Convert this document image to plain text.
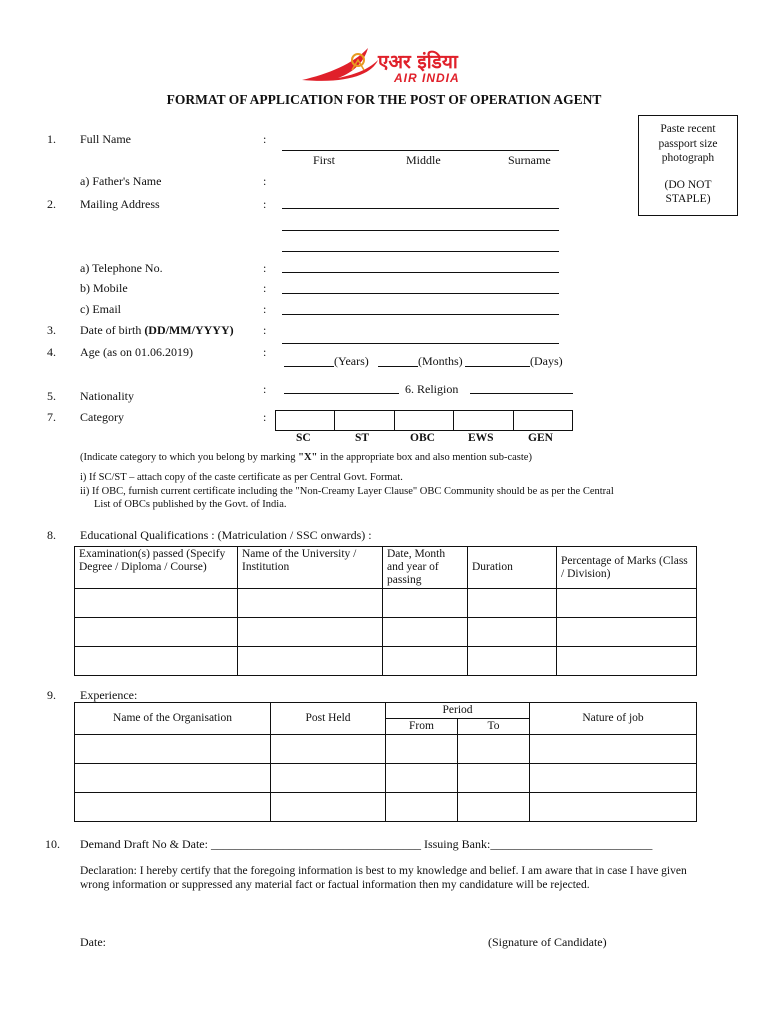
एअर इंडिया
AIR INDIA
FORMAT OF APPLICATION FOR THE POST OF OPERATION AGENT
Paste recent
passport size
photograph
(DO NOT
STAPLE)
1. Full Name	:
First	Middle	Surname
a) Father's Name	:
2. Mailing Address	:
a) Telephone No.	:
b) Mobile	:
c) Email	:
3. Date of birth (DD/MM/YYYY) :
4. Age (as on 01.06.2019)	:
(Years)	(Months)	(Days)
:	6. Religion
5. Nationality
7. Category	:
SC	ST	OBC	EWS	GEN
(Indicate category to which you belong by marking "X" in the appropriate box and also mention sub-caste)
i) If SC/ST – attach copy of the caste certificate as per Central Govt. Format.
ii) If OBC, furnish current certificate including the "Non-Creamy Layer Clause" OBC Community should be as per the Central
List of OBCs published by the Govt. of India.
8. Educational Qualifications : (Matriculation / SSC onwards) :
Examination(s) passed (Specify Degree / Diploma / Course)	Name of the University / Institution	Date, Month and year of passing	Duration	Percentage of Marks (Class / Division)

9. Experience:
Name of the Organisation	Post Held	Period		Nature of job
		From	To	

10. Demand Draft No & Date: ___________________________________ Issuing Bank:___________________________
Declaration: I hereby certify that the foregoing information is best to my knowledge and belief. I am aware that in case I have given wrong information or suppressed any material fact or factual information then my candidature will be rejected.
Date:	(Signature of Candidate)
